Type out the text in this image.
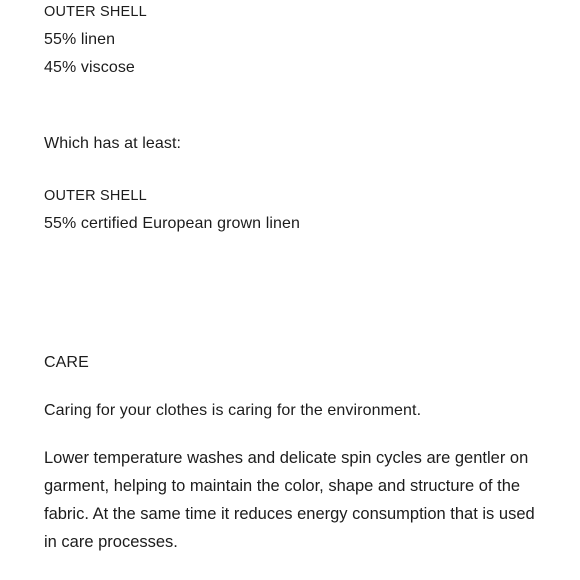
OUTER SHELL
55% linen
45% viscose
Which has at least:
OUTER SHELL
55% certified European grown linen
CARE
Caring for your clothes is caring for the environment.
Lower temperature washes and delicate spin cycles are gentler on garment, helping to maintain the color, shape and structure of the fabric. At the same time it reduces energy consumption that is used in care processes.
